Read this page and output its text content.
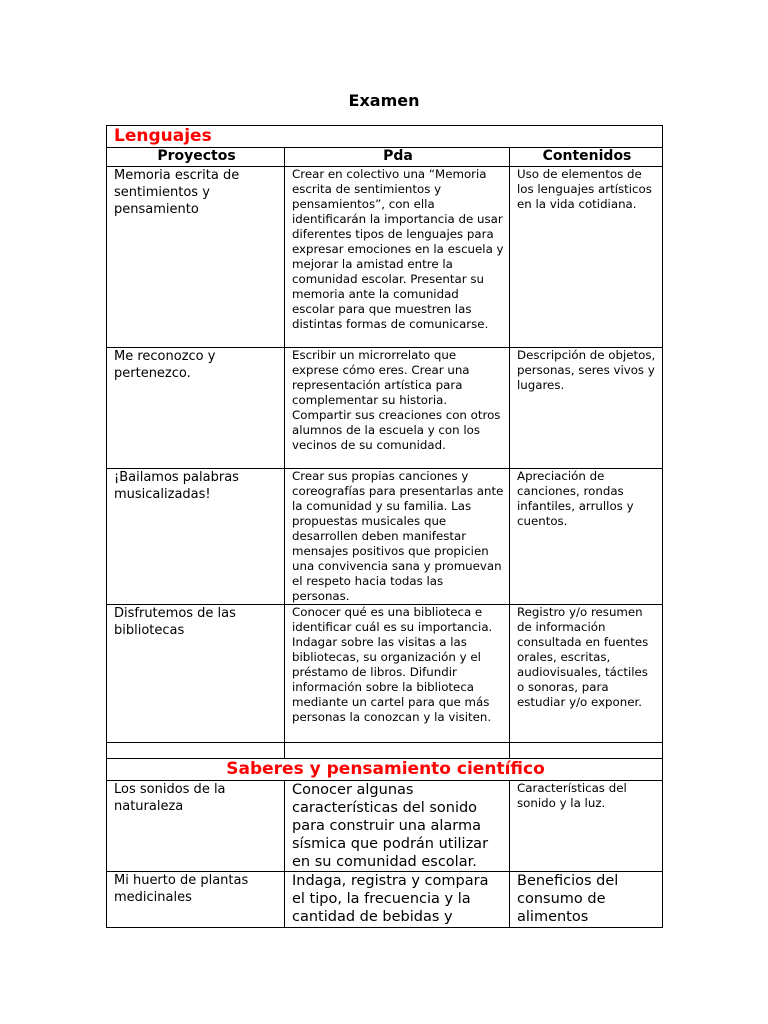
Examen
Lenguajes		
Proyectos	Pda	Contenidos
Memoria escrita de sentimientos y pensamiento	Crear en colectivo una “Memoria escrita de sentimientos y pensamientos”, con ella identificarán la importancia de usar diferentes tipos de lenguajes para expresar emociones en la escuela y mejorar la amistad entre la comunidad escolar. Presentar su memoria ante la comunidad escolar para que muestren las distintas formas de comunicarse.	Uso de elementos de los lenguajes artísticos en la vida cotidiana.
Me reconozco y pertenezco.	Escribir un microrrelato que exprese cómo eres. Crear una representación artística para complementar su historia. Compartir sus creaciones con otros alumnos de la escuela y con los vecinos de su comunidad.	Descripción de objetos, personas, seres vivos y lugares.
¡Bailamos palabras musicalizadas!	Crear sus propias canciones y coreografías para presentarlas ante la comunidad y su familia. Las propuestas musicales que desarrollen deben manifestar mensajes positivos que propicien una convivencia sana y promuevan el respeto hacia todas las personas.	Apreciación de canciones, rondas infantiles, arrullos y cuentos.
Disfrutemos de las bibliotecas	Conocer qué es una biblioteca e identificar cuál es su importancia. Indagar sobre las visitas a las bibliotecas, su organización y el préstamo de libros. Difundir información sobre la biblioteca mediante un cartel para que más personas la conozcan y la visiten.	Registro y/o resumen de información consultada en fuentes orales, escritas, audiovisuales, táctiles o sonoras, para estudiar y/o exponer.

Saberes y pensamiento científico		
Los sonidos de la naturaleza	Conocer algunas características del sonido para construir una alarma sísmica que podrán utilizar en su comunidad escolar.	Características del sonido y la luz.
Mi huerto de plantas medicinales	Indaga, registra y compara el tipo, la frecuencia y la cantidad de bebidas y	Beneficios del consumo de alimentos
